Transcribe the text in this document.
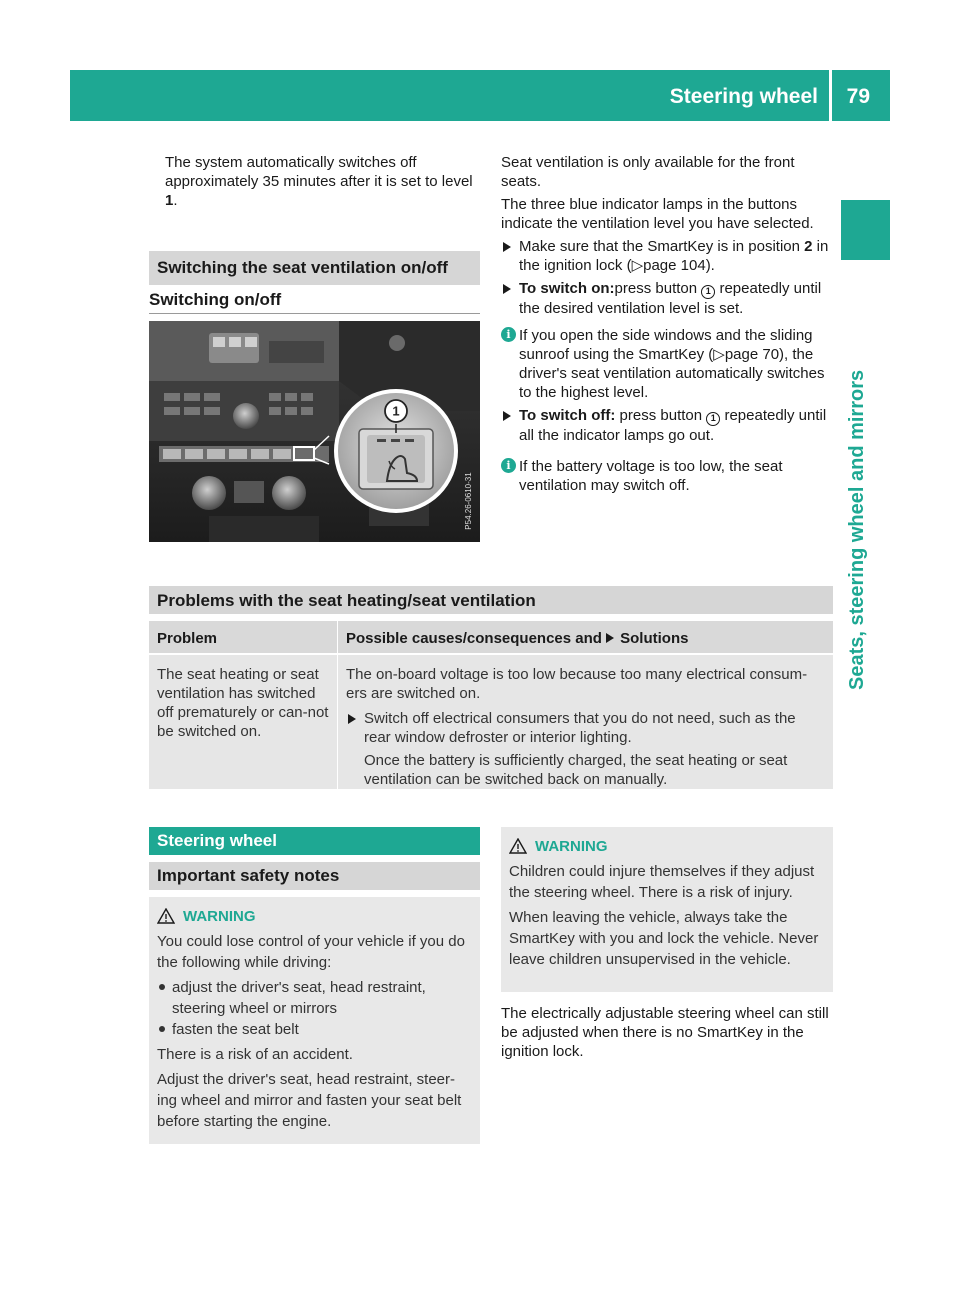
Steering wheel 79
Seats, steering wheel and mirrors
The system automatically switches off approximately 35 minutes after it is set to level 1.
Switching the seat ventilation on/off
Switching on/off
1
P54.26-0610-31

Seat ventilation is only available for the front seats.

The three blue indicator lamps in the buttons indicate the ventilation level you have selected.

Make sure that the SmartKey is in position 2 in the ignition lock (▷page 104).
To switch on:press button 1 repeatedly until the desired ventilation level is set.
i If you open the side windows and the sliding sunroof using the SmartKey (▷page 70), the driver's seat ventilation automatically switches to the highest level.
To switch off: press button 1 repeatedly until all the indicator lamps go out.
i If the battery voltage is too low, the seat ventilation may switch off.
Problems with the seat heating/seat ventilation
Problem	Possible causes/consequences and Solutions
The seat heating or seat ventilation has switched off prematurely or can-not be switched on.

The on-board voltage is too low because too many electrical consum-ers are switched on.

Switch off electrical consumers that you do not need, such as the rear window defroster or interior lighting.

Once the battery is sufficiently charged, the seat heating or seat ventilation can be switched back on manually.

Steering wheel
Important safety notes
WARNING

You could lose control of your vehicle if you do the following while driving:

adjust the driver's seat, head restraint, steering wheel or mirrors
fasten the seat belt

There is a risk of an accident.

Adjust the driver's seat, head restraint, steer-ing wheel and mirror and fasten your seat belt before starting the engine.

WARNING

Children could injure themselves if they adjust the steering wheel. There is a risk of injury.

When leaving the vehicle, always take the SmartKey with you and lock the vehicle. Never leave children unsupervised in the vehicle.

The electrically adjustable steering wheel can still be adjusted when there is no SmartKey in the ignition lock.
